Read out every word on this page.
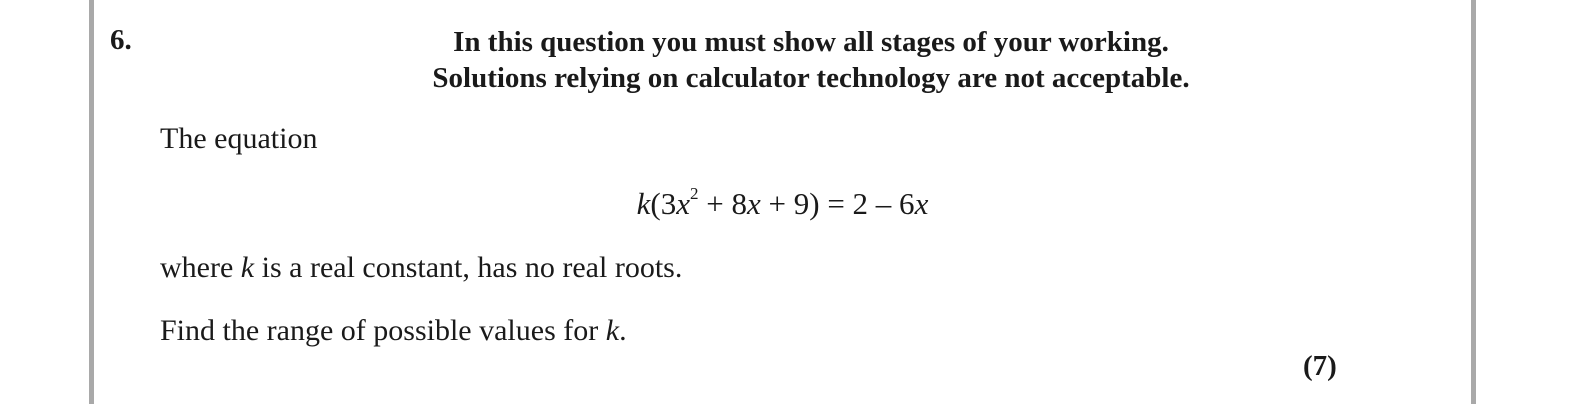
6.	In this question you must show all stages of your working.
Solutions relying on calculator technology are not acceptable.
The equation
$k(3x^2 + 8x + 9) = 2 - 6x$
where k is a real constant, has no real roots.
Find the range of possible values for k.
(7)
